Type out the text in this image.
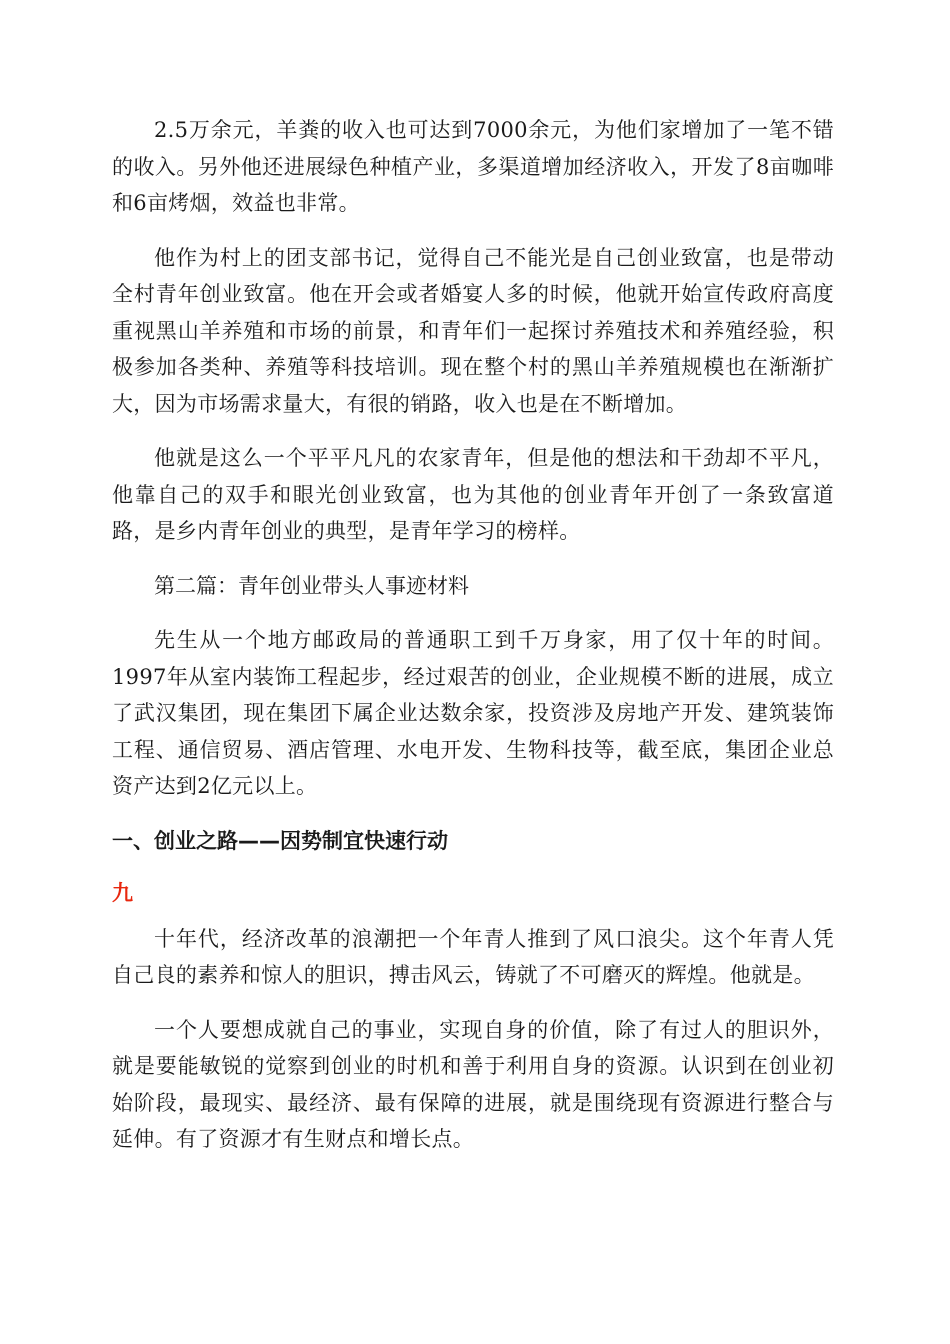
2.5万余元，羊粪的收入也可达到7000余元，为他们家增加了一笔不错的收入。另外他还进展绿色种植产业，多渠道增加经济收入，开发了8亩咖啡和6亩烤烟，效益也非常。

他作为村上的团支部书记，觉得自己不能光是自己创业致富，也是带动全村青年创业致富。他在开会或者婚宴人多的时候，他就开始宣传政府高度重视黑山羊养殖和市场的前景，和青年们一起探讨养殖技术和养殖经验，积极参加各类种、养殖等科技培训。现在整个村的黑山羊养殖规模也在渐渐扩大，因为市场需求量大，有很的销路，收入也是在不断增加。

他就是这么一个平平凡凡的农家青年，但是他的想法和干劲却不平凡，他靠自己的双手和眼光创业致富，也为其他的创业青年开创了一条致富道路，是乡内青年创业的典型，是青年学习的榜样。

第二篇：青年创业带头人事迹材料

先生从一个地方邮政局的普通职工到千万身家，用了仅十年的时间。1997年从室内装饰工程起步，经过艰苦的创业，企业规模不断的进展，成立了武汉集团，现在集团下属企业达数余家，投资涉及房地产开发、建筑装饰工程、通信贸易、酒店管理、水电开发、生物科技等，截至底，集团企业总资产达到2亿元以上。

一、创业之路——因势制宜快速行动
九

十年代，经济改革的浪潮把一个年青人推到了风口浪尖。这个年青人凭自己良的素养和惊人的胆识，搏击风云，铸就了不可磨灭的辉煌。他就是。

一个人要想成就自己的事业，实现自身的价值，除了有过人的胆识外，就是要能敏锐的觉察到创业的时机和善于利用自身的资源。认识到在创业初始阶段，最现实、最经济、最有保障的进展，就是围绕现有资源进行整合与延伸。有了资源才有生财点和增长点。
